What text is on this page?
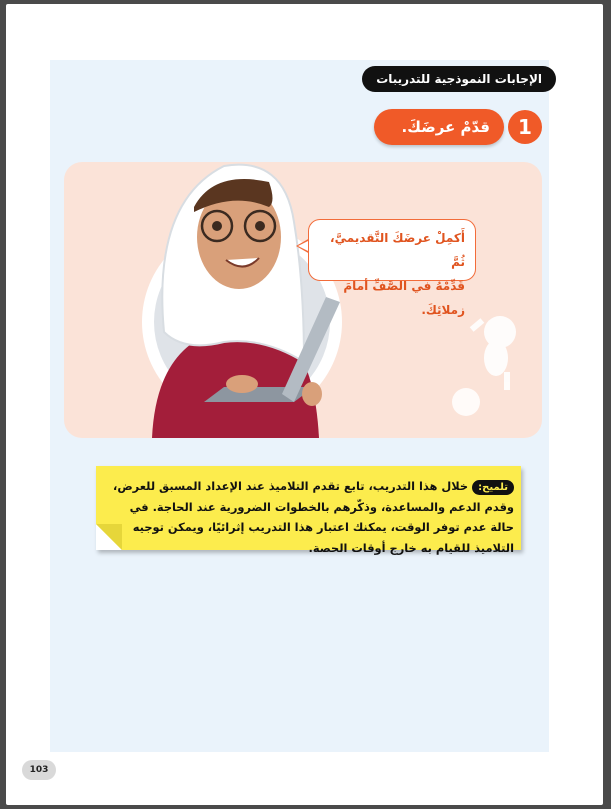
الإجابات النموذجية للتدريبات
قدّمْ عرضَكَ.	1
أَكمِلْ عرضَكَ التَّقديميَّ، ثُمَّ
قَدِّمْهُ في الصَّفِّ أمامَ زملائِكَ.
تلميح:خلال هذا التدريب، تابع تقدم التلاميذ عند الإعداد المسبق للعرض، وقدم الدعم والمساعدة، وذكّرهم بالخطوات الضرورية عند الحاجة. في حالة عدم توفر الوقت، يمكنك اعتبار هذا التدريب إثرائيًا، ويمكن توجيه التلاميذ للقيام به خارج أوقات الحصة.
103
